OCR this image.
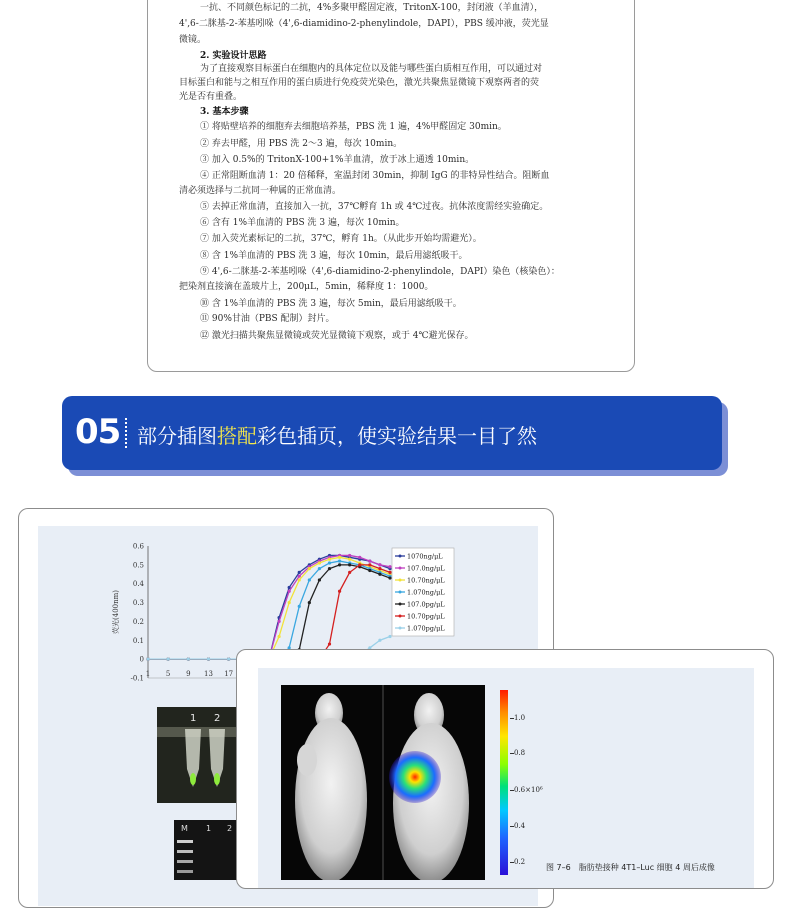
一抗、不同颜色标记的二抗，4%多聚甲醛固定液，TritonX-100，封闭液（羊血清），
4',6-二脒基-2-苯基吲哚（4',6-diamidino-2-phenylindole，DAPI），PBS 缓冲液，荧光显
微镜。
2. 实验设计思路
为了直接观察目标蛋白在细胞内的具体定位以及能与哪些蛋白质相互作用，可以通过对
目标蛋白和能与之相互作用的蛋白质进行免疫荧光染色，激光共聚焦显微镜下观察两者的荧
光是否有重叠。
3. 基本步骤
① 将贴壁培养的细胞弃去细胞培养基，PBS 洗 1 遍，4%甲醛固定 30min。
② 弃去甲醛，用 PBS 洗 2～3 遍，每次 10min。
③ 加入 0.5%的 TritonX-100+1%羊血清，放于冰上通透 10min。
④ 正常阻断血清 1：20 倍稀释，室温封闭 30min，抑制 IgG 的非特异性结合。阻断血
清必须选择与二抗同一种属的正常血清。
⑤ 去掉正常血清，直接加入一抗，37℃孵育 1h 或 4℃过夜。抗体浓度需经实验确定。
⑥ 含有 1%羊血清的 PBS 洗 3 遍，每次 10min。
⑦ 加入荧光素标记的二抗，37℃，孵育 1h。（从此步开始均需避光）。
⑧ 含 1%羊血清的 PBS 洗 3 遍，每次 10min，最后用滤纸吸干。
⑨ 4',6-二脒基-2-苯基吲哚（4',6-diamidino-2-phenylindole，DAPI）染色（核染色）：
把染剂直接滴在盖玻片上，200μL，5min，稀释度 1：1000。
⑩ 含 1%羊血清的 PBS 洗 3 遍，每次 5min，最后用滤纸吸干。
⑪ 90%甘油（PBS 配制）封片。
⑫ 激光扫描共聚焦显微镜或荧光显微镜下观察，或于 4℃避光保存。
05 部分插图搭配彩色插页，使实验结果一目了然
0.6
0.5
0.4
0.3
0.2
0.1
0
-0.1
1 5 9 13 17
荧光(400nm)
1070ng/μL
107.0ng/μL
10.70ng/μL
1.070ng/μL
107.0pg/μL
10.70pg/μL
1.070pg/μL
1 2
M 1 2
1.0
0.8
0.6×10⁶
0.4
0.2
图 7–6　脂肪垫接种 4T1–Luc 细胞 4 周后成像
